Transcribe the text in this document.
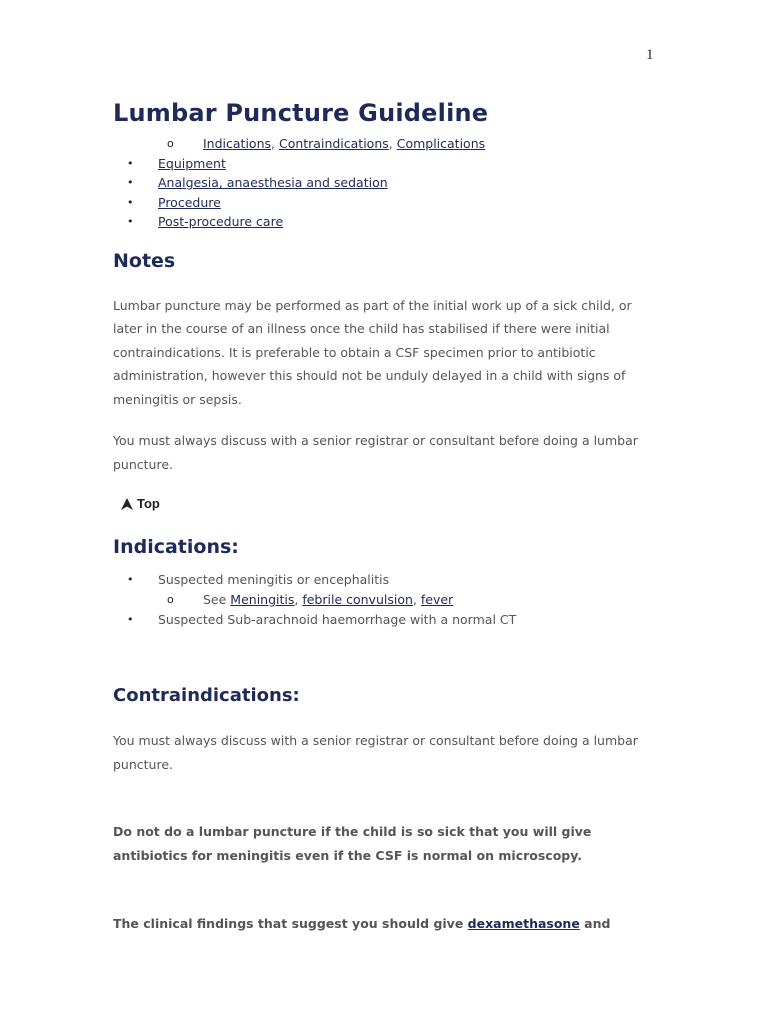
1
Lumbar Puncture Guideline
o Indications, Contraindications, Complications
• Equipment
• Analgesia, anaesthesia and sedation
• Procedure
• Post-procedure care
Notes

Lumbar puncture may be performed as part of the initial work up of a sick child, or later in the course of an illness once the child has stabilised if there were initial contraindications. It is preferable to obtain a CSF specimen prior to antibiotic administration, however this should not be unduly delayed in a child with signs of meningitis or sepsis.

You must always discuss with a senior registrar or consultant before doing a lumbar puncture.

Top
Indications:
• Suspected meningitis or encephalitis
o See Meningitis, febrile convulsion, fever
• Suspected Sub-arachnoid haemorrhage with a normal CT
Contraindications:

You must always discuss with a senior registrar or consultant before doing a lumbar puncture.

Do not do a lumbar puncture if the child is so sick that you will give antibiotics for meningitis even if the CSF is normal on microscopy.

The clinical findings that suggest you should give dexamethasone and
